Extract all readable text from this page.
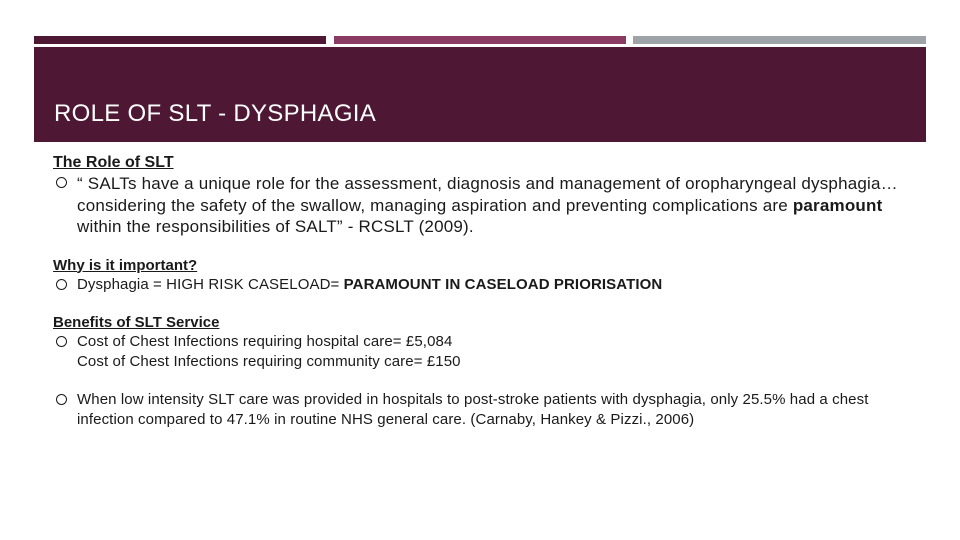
ROLE OF SLT - DYSPHAGIA

The Role of SLT

“ SALTs have a unique role for the assessment, diagnosis and management of oropharyngeal dysphagia… considering the safety of the swallow, managing aspiration and preventing complications are paramount within the responsibilities of SALT” - RCSLT (2009).

Why is it important?

Dysphagia = HIGH RISK CASELOAD= PARAMOUNT IN CASELOAD PRIORISATION

Benefits of SLT Service

Cost of Chest Infections requiring hospital care= £5,084
Cost of Chest Infections requiring community care= £150

When low intensity SLT care was provided in hospitals to post-stroke patients with dysphagia, only 25.5% had a chest infection compared to 47.1% in routine NHS general care. (Carnaby, Hankey & Pizzi., 2006)
